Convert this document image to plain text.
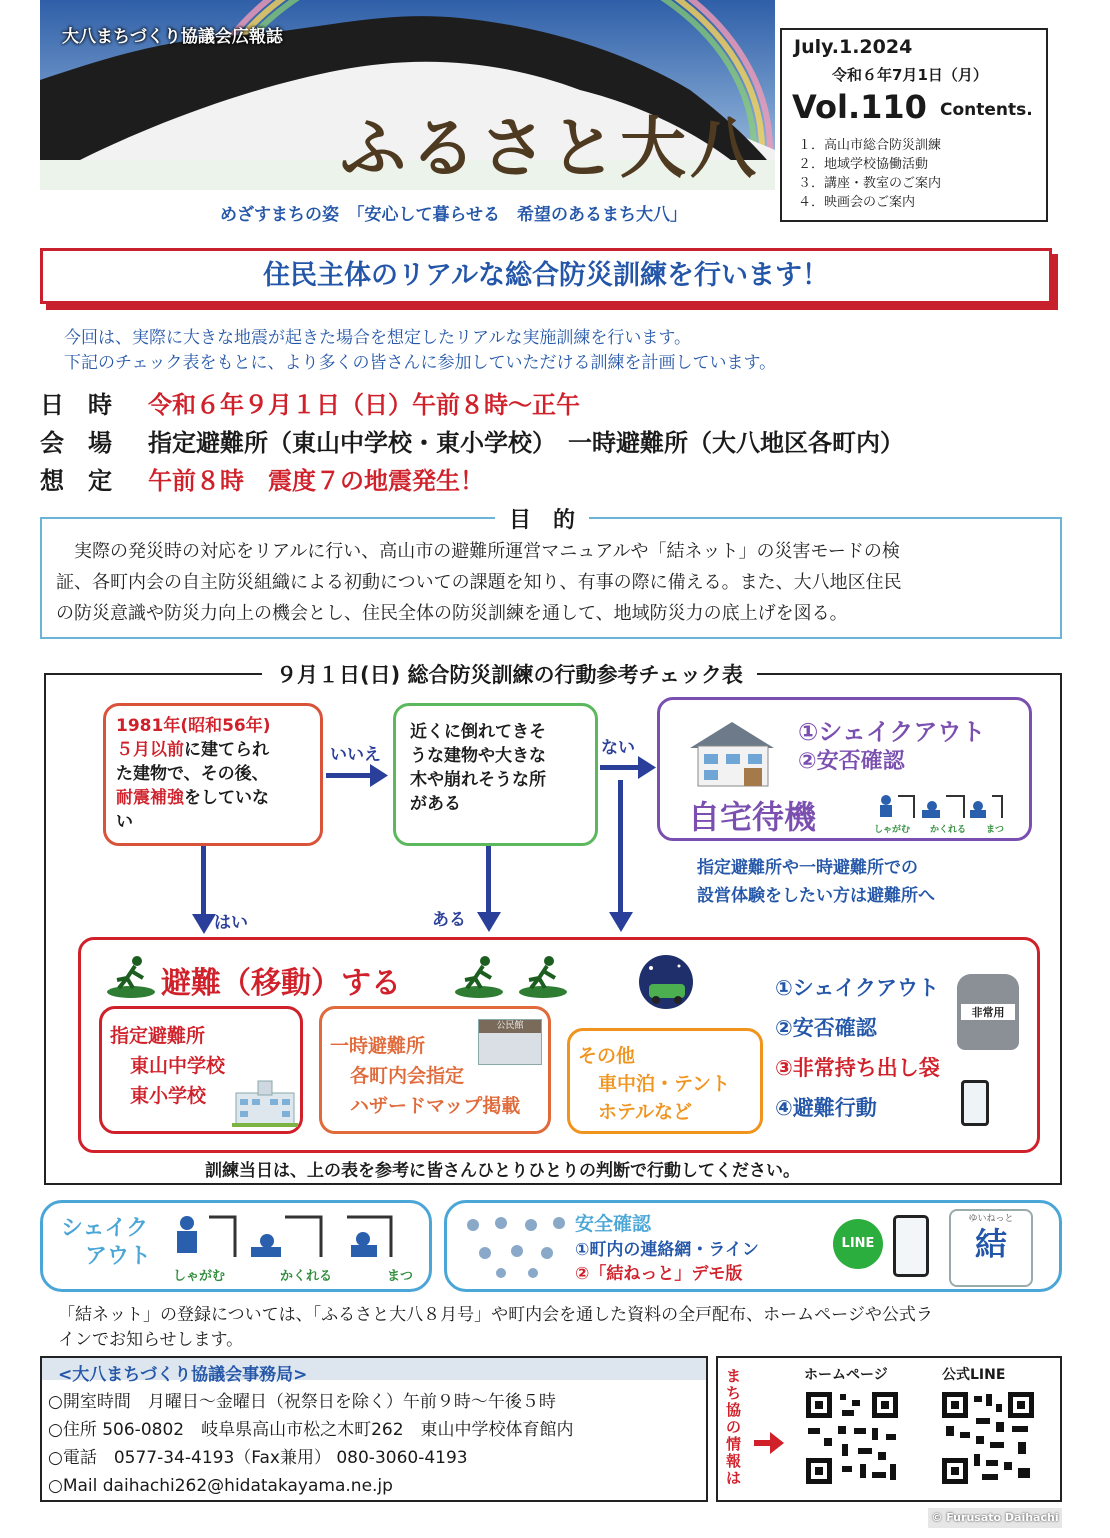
大八まちづくり協議会広報誌
ふるさと大八
めざすまちの姿　「安心して暮らせる　希望のあるまち大八」
July.1.2024
令和６年7月1日（月）
Vol.110 Contents.
１．高山市総合防災訓練
２．地域学校協働活動
３．講座・教室のご案内
４．映画会のご案内
住民主体のリアルな総合防災訓練を行います！
今回は、実際に大きな地震が起きた場合を想定したリアルな実施訓練を行います。
下記のチェック表をもとに、より多くの皆さんに参加していただける訓練を計画しています。
日　時 令和６年９月１日（日）午前８時～正午
会　場 指定避難所（東山中学校・東小学校）　一時避難所（大八地区各町内）
想　定 午前８時　震度７の地震発生！
目　的
　実際の発災時の対応をリアルに行い、高山市の避難所運営マニュアルや「結ネット」の災害モードの検
証、各町内会の自主防災組織による初動についての課題を知り、有事の際に備える。また、大八地区住民
の防災意識や防災力向上の機会とし、住民全体の防災訓練を通して、地域防災力の底上げを図る。
９月１日(日) 総合防災訓練の行動参考チェック表
1981年(昭和56年)
５月以前に建てられ
た建物で、その後、
耐震補強をしていな
い
いいえ
近くに倒れてきそ
うな建物や大きな
木や崩れそうな所
がある
ない
①シェイクアウト
②安否確認
自宅待機	しゃがむ かくれる まつ
指定避難所や一時避難所での
設営体験をしたい方は避難所へ
はい	ある
避難（移動）する
指定避難所
東山中学校
東小学校
一時避難所
各町内会指定
ハザードマップ掲載
公民館
その他
車中泊・テント
ホテルなど
①シェイクアウト
②安否確認
③非常持ち出し袋
④避難行動
非常用
訓練当日は、上の表を参考に皆さんひとりひとりの判断で行動してください。
シェイク
アウト
しゃがむ	かくれる	まつ
安全確認
①町内の連絡網・ライン
②「結ねっと」デモ版
LINE
ゆいねっと
結
「結ネット」の登録については、「ふるさと大八８月号」や町内会を通した資料の全戸配布、ホームページや公式ラ
インでお知らせします。
<大八まちづくり協議会事務局>
○開室時間　月曜日～金曜日（祝祭日を除く）午前９時～午後５時
○住所 506-0802　岐阜県高山市松之木町262　東山中学校体育館内
○電話　0577-34-4193（Fax兼用） 080-3060-4193
○Mail daihachi262@hidatakayama.ne.jp
まち協の情報は
ホームページ	公式LINE
© Furusato Daihachi
